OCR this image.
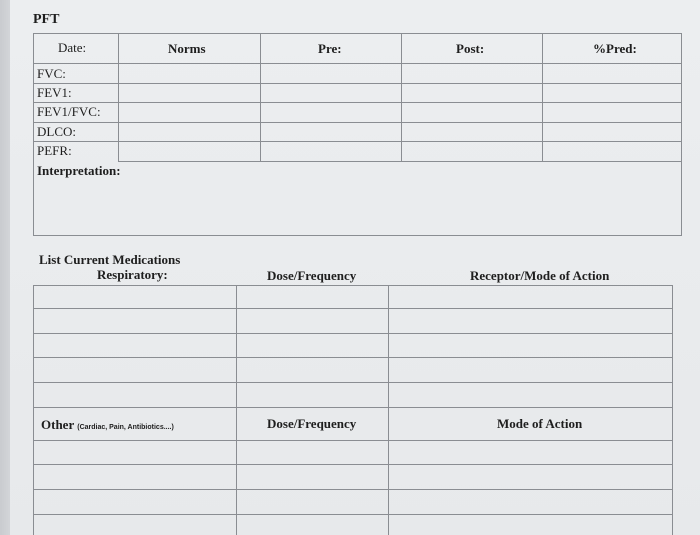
PFT
Date:	Norms	Pre:	Post:	%Pred:
FVC:
FEV1:
FEV1/FVC:
DLCO:
PEFR:
Interpretation:
List Current Medications
Respiratory:	Dose/Frequency	Receptor/Mode of Action
Other (Cardiac, Pain, Antibiotics....)	Dose/Frequency	Mode of Action
